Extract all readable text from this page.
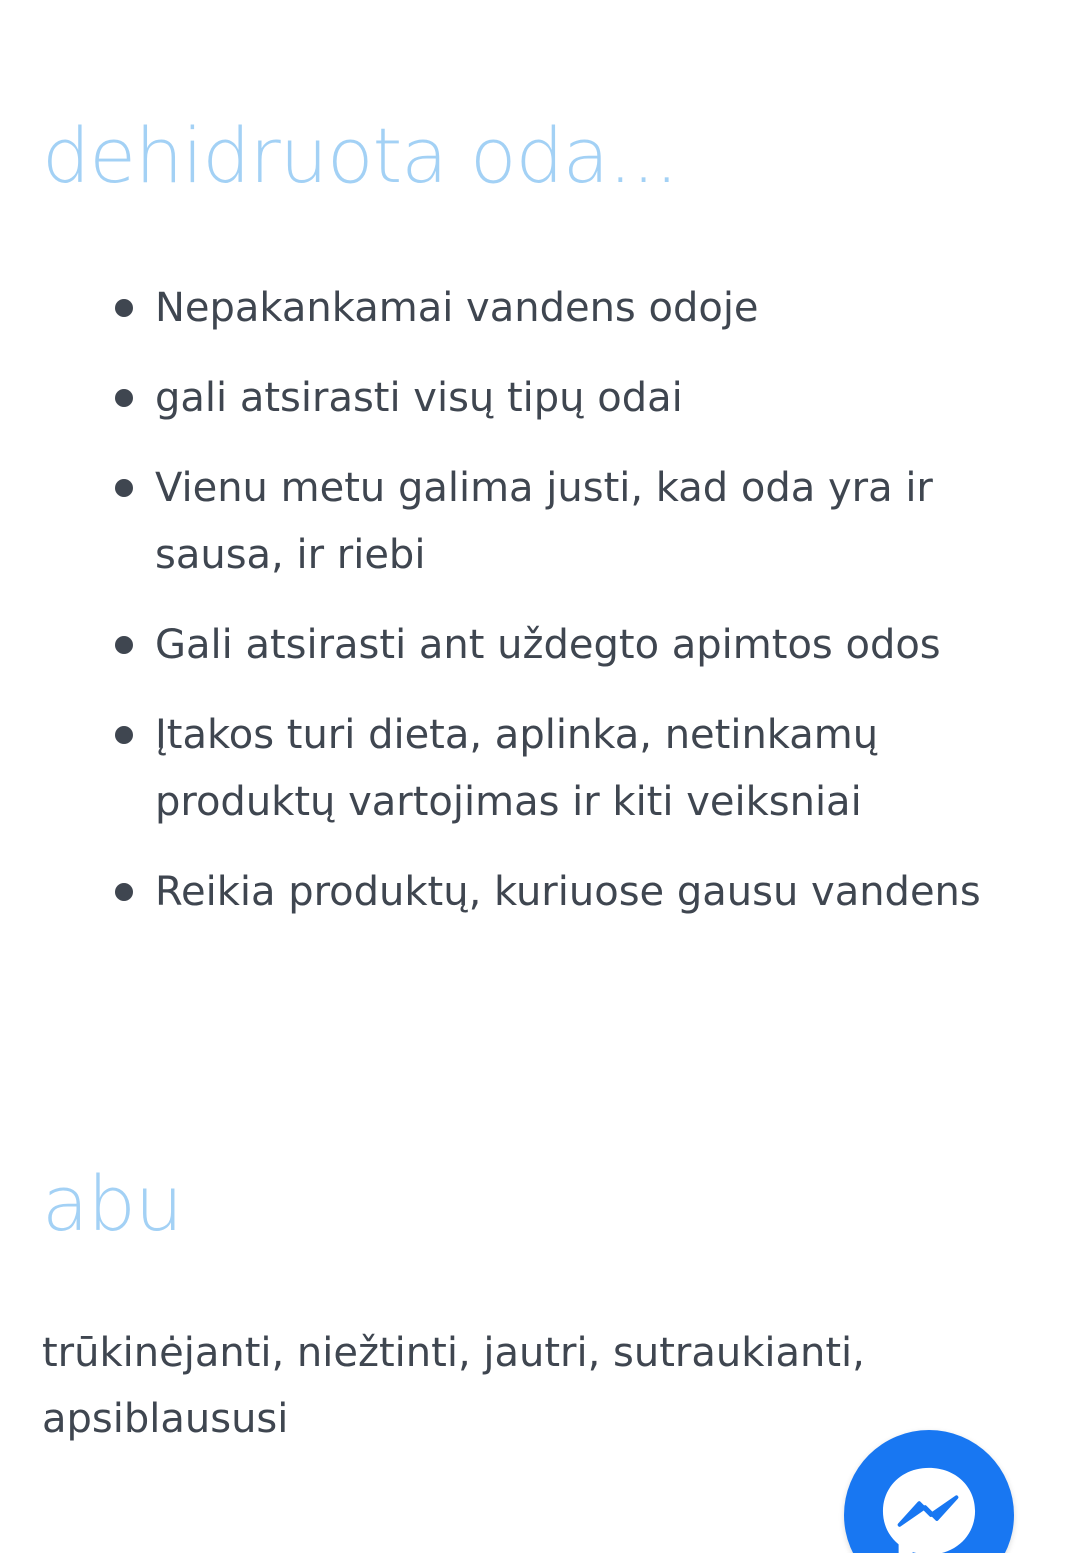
dehidruota oda...
Nepakankamai vandens odoje
gali atsirasti visų tipų odai
Vienu metu galima justi, kad oda yra ir sausa, ir riebi
Gali atsirasti ant uždegto apimtos odos
Įtakos turi dieta, aplinka, netinkamų produktų vartojimas ir kiti veiksniai
Reikia produktų, kuriuose gausu vandens
abu

trūkinėjanti, niežtinti, jautri, sutraukianti, apsiblaususi
